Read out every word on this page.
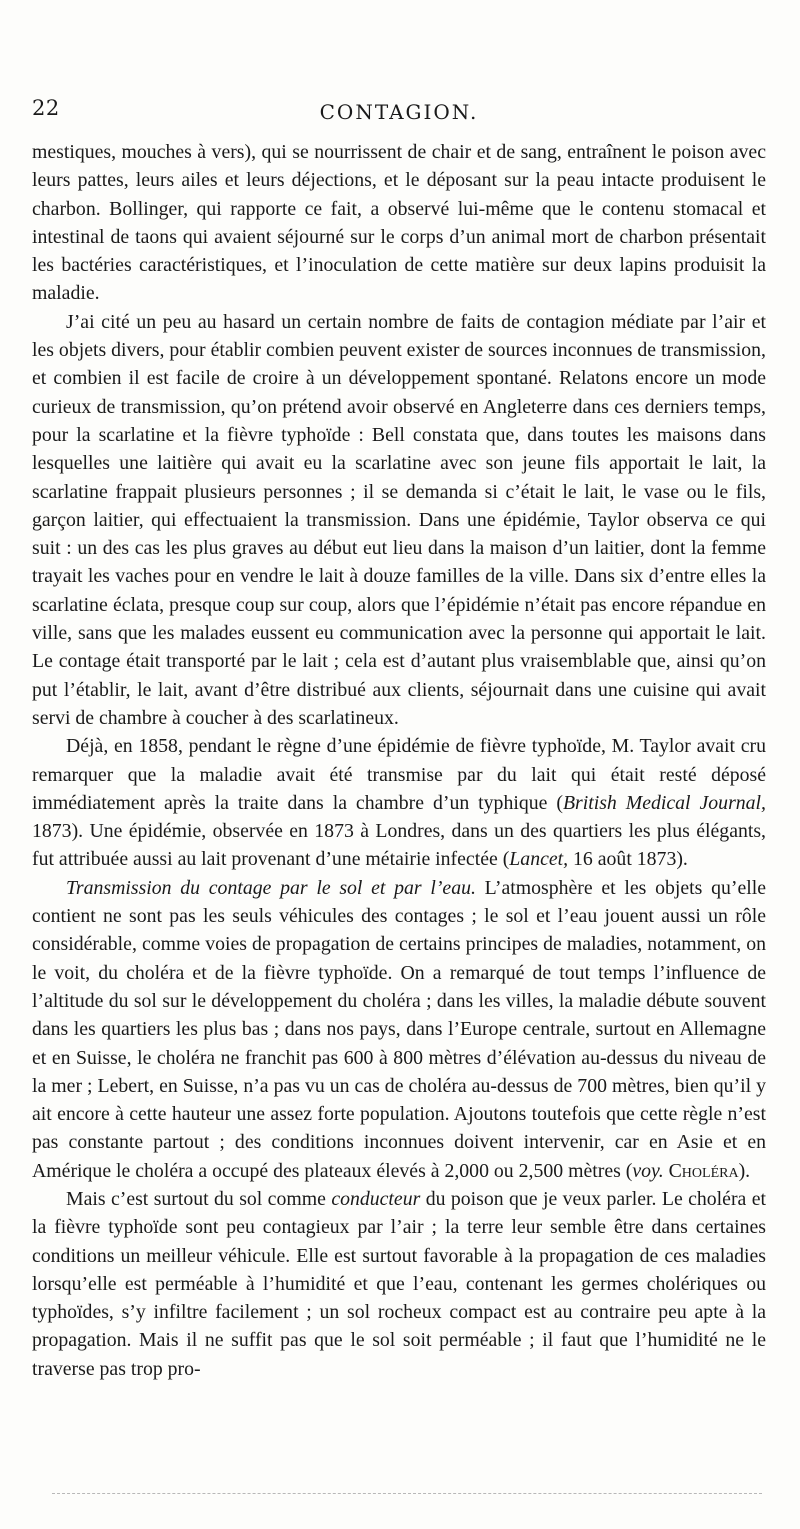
22	CONTAGION.

mestiques, mouches à vers), qui se nourrissent de chair et de sang, entraînent le poison avec leurs pattes, leurs ailes et leurs déjections, et le déposant sur la peau intacte produisent le charbon. Bollinger, qui rapporte ce fait, a observé lui-même que le contenu stomacal et intestinal de taons qui avaient séjourné sur le corps d’un animal mort de charbon présentait les bactéries caractéristiques, et l’inoculation de cette matière sur deux lapins produisit la maladie.

J’ai cité un peu au hasard un certain nombre de faits de contagion médiate par l’air et les objets divers, pour établir combien peuvent exister de sources inconnues de transmission, et combien il est facile de croire à un développement spontané. Relatons encore un mode curieux de transmission, qu’on prétend avoir observé en Angleterre dans ces derniers temps, pour la scarlatine et la fièvre typhoïde : Bell constata que, dans toutes les maisons dans lesquelles une laitière qui avait eu la scarlatine avec son jeune fils apportait le lait, la scarlatine frappait plusieurs personnes ; il se demanda si c’était le lait, le vase ou le fils, garçon laitier, qui effectuaient la transmission. Dans une épidémie, Taylor observa ce qui suit : un des cas les plus graves au début eut lieu dans la maison d’un laitier, dont la femme trayait les vaches pour en vendre le lait à douze familles de la ville. Dans six d’entre elles la scarlatine éclata, presque coup sur coup, alors que l’épidémie n’était pas encore répandue en ville, sans que les malades eussent eu communication avec la personne qui apportait le lait. Le contage était transporté par le lait ; cela est d’autant plus vraisemblable que, ainsi qu’on put l’établir, le lait, avant d’être distribué aux clients, séjournait dans une cuisine qui avait servi de chambre à coucher à des scarlatineux.

Déjà, en 1858, pendant le règne d’une épidémie de fièvre typhoïde, M. Taylor avait cru remarquer que la maladie avait été transmise par du lait qui était resté déposé immédiatement après la traite dans la chambre d’un typhique (British Medical Journal, 1873). Une épidémie, observée en 1873 à Londres, dans un des quartiers les plus élégants, fut attribuée aussi au lait provenant d’une métairie infectée (Lancet, 16 août 1873).

Transmission du contage par le sol et par l’eau. L’atmosphère et les objets qu’elle contient ne sont pas les seuls véhicules des contages ; le sol et l’eau jouent aussi un rôle considérable, comme voies de propagation de certains principes de maladies, notamment, on le voit, du choléra et de la fièvre typhoïde. On a remarqué de tout temps l’influence de l’altitude du sol sur le développement du choléra ; dans les villes, la maladie débute souvent dans les quartiers les plus bas ; dans nos pays, dans l’Europe centrale, surtout en Allemagne et en Suisse, le choléra ne franchit pas 600 à 800 mètres d’élévation au-dessus du niveau de la mer ; Lebert, en Suisse, n’a pas vu un cas de choléra au-dessus de 700 mètres, bien qu’il y ait encore à cette hauteur une assez forte population. Ajoutons toutefois que cette règle n’est pas constante partout ; des conditions inconnues doivent intervenir, car en Asie et en Amérique le choléra a occupé des plateaux élevés à 2,000 ou 2,500 mètres (voy. Choléra).

Mais c’est surtout du sol comme conducteur du poison que je veux parler. Le choléra et la fièvre typhoïde sont peu contagieux par l’air ; la terre leur semble être dans certaines conditions un meilleur véhicule. Elle est surtout favorable à la propagation de ces maladies lorsqu’elle est perméable à l’humidité et que l’eau, contenant les germes cholériques ou typhoïdes, s’y infiltre facilement ; un sol rocheux compact est au contraire peu apte à la propagation. Mais il ne suffit pas que le sol soit perméable ; il faut que l’humidité ne le traverse pas trop pro-
